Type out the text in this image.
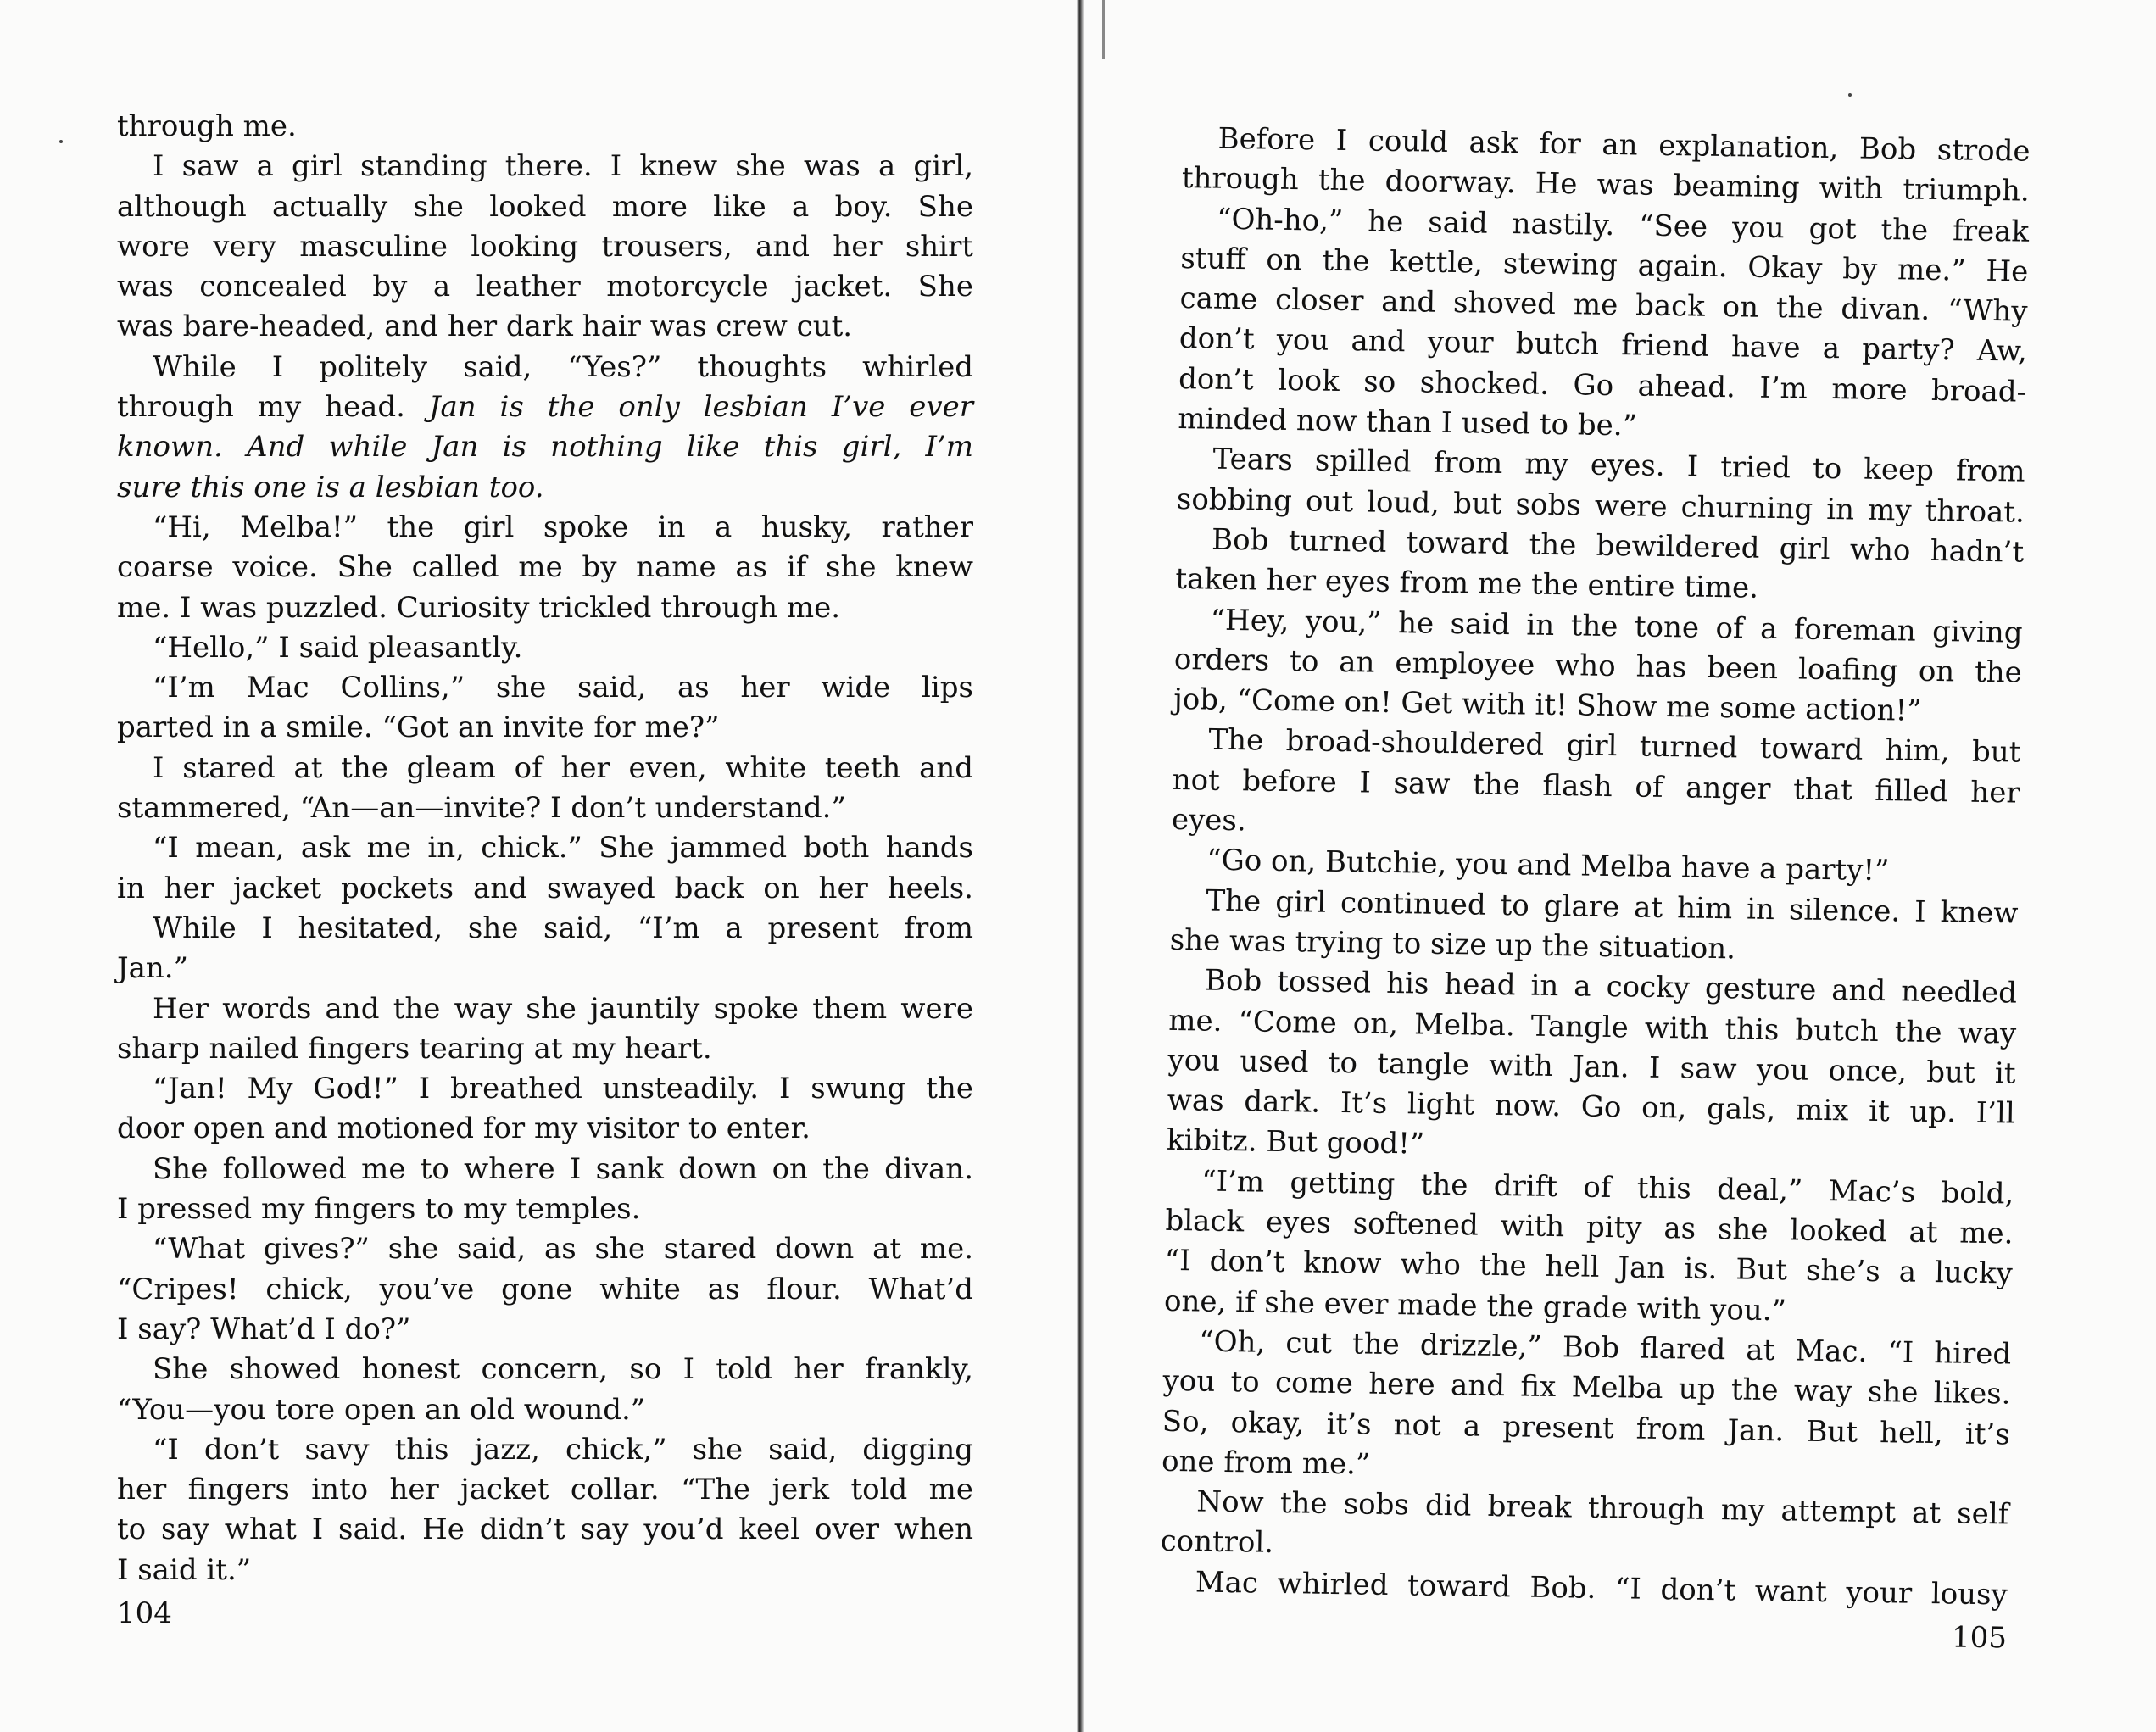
through me.
I saw a girl standing there. I knew she was a girl,
although actually she looked more like a boy. She
wore very masculine looking trousers, and her shirt
was concealed by a leather motorcycle jacket. She
was bare-headed, and her dark hair was crew cut.
While I politely said, “Yes?” thoughts whirled
through my head. Jan is the only lesbian I’ve ever
known. And while Jan is nothing like this girl, I’m
sure this one is a lesbian too.
“Hi, Melba!” the girl spoke in a husky, rather
coarse voice. She called me by name as if she knew
me. I was puzzled. Curiosity trickled through me.
“Hello,” I said pleasantly.
“I’m Mac Collins,” she said, as her wide lips
parted in a smile. “Got an invite for me?”
I stared at the gleam of her even, white teeth and
stammered, “An—an—invite? I don’t understand.”
“I mean, ask me in, chick.” She jammed both hands
in her jacket pockets and swayed back on her heels.
While I hesitated, she said, “I’m a present from
Jan.”
Her words and the way she jauntily spoke them were
sharp nailed fingers tearing at my heart.
“Jan! My God!” I breathed unsteadily. I swung the
door open and motioned for my visitor to enter.
She followed me to where I sank down on the divan.
I pressed my fingers to my temples.
“What gives?” she said, as she stared down at me.
“Cripes! chick, you’ve gone white as flour. What’d
I say? What’d I do?”
She showed honest concern, so I told her frankly,
“You—you tore open an old wound.”
“I don’t savy this jazz, chick,” she said, digging
her fingers into her jacket collar. “The jerk told me
to say what I said. He didn’t say you’d keel over when
I said it.”
104
Before I could ask for an explanation, Bob strode
through the doorway. He was beaming with triumph.
“Oh-ho,” he said nastily. “See you got the freak
stuff on the kettle, stewing again. Okay by me.” He
came closer and shoved me back on the divan. “Why
don’t you and your butch friend have a party? Aw,
don’t look so shocked. Go ahead. I’m more broad-
minded now than I used to be.”
Tears spilled from my eyes. I tried to keep from
sobbing out loud, but sobs were churning in my throat.
Bob turned toward the bewildered girl who hadn’t
taken her eyes from me the entire time.
“Hey, you,” he said in the tone of a foreman giving
orders to an employee who has been loafing on the
job, “Come on! Get with it! Show me some action!”
The broad-shouldered girl turned toward him, but
not before I saw the flash of anger that filled her
eyes.
“Go on, Butchie, you and Melba have a party!”
The girl continued to glare at him in silence. I knew
she was trying to size up the situation.
Bob tossed his head in a cocky gesture and needled
me. “Come on, Melba. Tangle with this butch the way
you used to tangle with Jan. I saw you once, but it
was dark. It’s light now. Go on, gals, mix it up. I’ll
kibitz. But good!”
“I’m getting the drift of this deal,” Mac’s bold,
black eyes softened with pity as she looked at me.
“I don’t know who the hell Jan is. But she’s a lucky
one, if she ever made the grade with you.”
“Oh, cut the drizzle,” Bob flared at Mac. “I hired
you to come here and fix Melba up the way she likes.
So, okay, it’s not a present from Jan. But hell, it’s
one from me.”
Now the sobs did break through my attempt at self
control.
Mac whirled toward Bob. “I don’t want your lousy
105
